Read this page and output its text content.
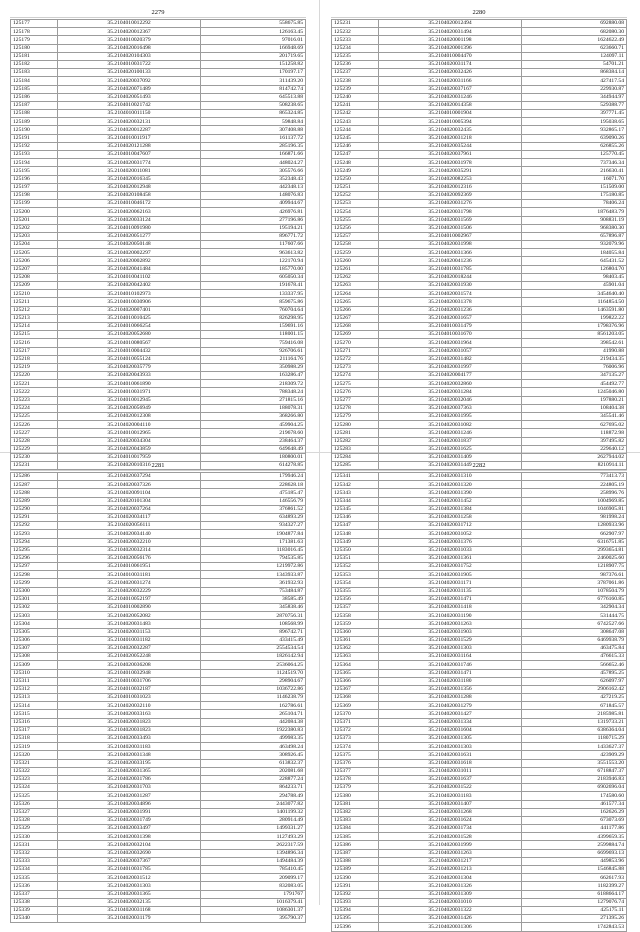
2279
125177	35.2104010012292	558675.85
125178	35.2104020012367	126163.45
125179	35.2104010020379	97016.01
125180	35.2104020016498	166948.69
125181	35.2104020104303	201719.65
125182	35.2104010031722	151258.82
125183	35.2104020100133	170197.17
125184	35.2104020037092	311439.20
125185	35.2104020071489	814742.74
125186	35.2104020051493	645513.88
125187	35.2104010021742	508238.65
125188	35.2104010011150	865324.85
125189	35.2104020032131	59848.84
125190	35.2104020012287	307408.88
125191	35.2104010011917	161137.72
125192	35.2104020121288	285196.35
125193	35.2104010047607	166871.66
125194	35.2104020031774	448024.27
125195	35.2104020011081	305576.66
125196	35.2104020016345	352348.43
125197	35.2104020012948	442348.13
125198	35.2104020108458	148076.83
125199	35.2104010046172	409944.67
125200	35.2104020062163	426976.81
125201	35.2104020033124	277196.86
125202	35.2104010091980	195194.21
125203	35.2104020051277	896771.72
125204	35.2104020050148	117607.66
125205	35.2104020002297	963613.82
125206	35.2104020002892	122170.94
125207	35.2104020041484	185770.00
125208	35.2104010041102	605050.34
125209	35.2104020042402	191678.41
125210	35.2104010102973	133337.95
125211	35.2104010030906	859675.86
125212	35.2104020007401	760704.64
125213	35.2104010010425	826298.95
125214	35.2104010066254	159691.16
125215	35.2104020052680	118001.15
125216	35.2104010080567	759416.08
125217	35.2104010004432	926706.61
125218	35.2104010055124	211164.76
125219	35.2104020035779	350988.29
125220	35.2104020043933	163286.47
125221	35.2104010061890	218309.72
125222	35.2104010031971	788348.24
125223	35.2104010012945	271815.16
125224	35.2104020056949	188078.31
125225	35.2104020012308	368266.80
125226	35.2104020004110	459904.25
125227	35.2104010012965	219678.60
125228	35.2104020034304	238464.37
125229	35.2104020043859	649648.49
125230	35.2104010017959	180800.01
125231	35.2104020010316	614278.85
2280
125231	35.2104020012494	692880.08
125232	35.2104020031494	682080.30
125233	35.2104020001198	1624622.49
125234	35.2104020001396	623660.71
125235	35.2104010004470	124097.11
125236	35.2104020031174	54701.21
125237	35.2104020032426	868384.14
125238	35.2104020031166	427417.54
125239	35.2104020037167	229930.87
125240	35.2104020031246	344944.97
125241	35.2104020014358	529388.77
125242	35.2104010001904	397771.45
125243	35.2104010005394	195038.65
125244	35.2104020032435	932865.17
125245	35.2104020031218	639090.26
125246	35.2104020035244	626855.26
125247	35.2104020037961	125770.45
125248	35.2104020031978	737346.34
125249	35.2104020035291	216630.41
125250	35.2104020082253	16071.70
125251	35.2104020012316	151509.00
125252	35.2104020092369	175180.85
125253	35.2104020031276	78406.24
125254	35.2104020031798	1876483.79
125255	35.2104020031569	908831.19
125256	35.2104020031506	968380.30
125257	35.2104010002967	657896.87
125258	35.2104020031998	932079.96
125259	35.2104020031366	184055.84
125260	35.2104020041236	645431.52
125261	35.2104010031785	126804.70
125262	35.2104020018244	98403.45
125263	35.2104020031930	45901.04
125264	35.2104020031574	3454640.40
125265	35.2104020031378	1164854.50
125266	35.2104020031236	1463591.80
125267	35.2104020031657	199822.22
125268	35.2104010031479	1798376.96
125269	35.2104010031670	8561203.05
125270	35.2104020031964	398542.61
125271	35.2104020031057	41990.88
125272	35.2104020031482	219434.35
125273	35.2104020031997	76006.96
125274	35.2104020004177	347135.27
125275	35.2104020032860	454492.77
125276	35.2104020031284	1245046.80
125277	35.2104020032046	197880.21
125278	35.2104020037363	108404.38
125279	35.2104020031995	345541.46
125280	35.2104020031082	627695.02
125281	35.2104020031246	118872.98
125282	35.2104020031837	397495.82
125283	35.2104020031625	229640.12
125284	35.2104020031409	2627944.02
125285	35.2104020031449	8210914.11
2281
125286	35.2104020037294	179946.24
125287	35.2104020037326	228628.18
125288	35.2104020091104	475185.47
125289	35.2104020101304	146556.79
125290	35.2104020037264	376861.52
125291	35.2104020034117	634893.29
125292	35.2104020056111	934327.27
125293	35.2104020034140	1904877.84
125294	35.2104020032210	171381.63
125295	35.2104020032314	1183016.45
125296	35.2104020056176	794535.85
125297	35.2104010061951	1219972.86
125298	35.2104010031181	1343933.87
125299	35.2104020031274	361932.93
125300	35.2104020032229	753484.87
125301	35.2104010052197	38585.49
125302	35.2104010002890	345838.46
125303	35.2104020052082	2870756.31
125304	35.2104020031483	108568.99
125305	35.2104020031153	896742.71
125306	35.2104010031182	433415.49
125307	35.2104020032287	2554534.54
125308	35.2104020052248	1826142.94
125309	35.2104020036208	2536064.25
125310	35.2104010032948	1124519.70
125311	35.2104010031706	298904.67
125312	35.2104010032187	1036722.86
125313	35.2104010031023	1146238.79
125314	35.2104020032110	162786.61
125315	35.2104020033163	265104.71
125316	35.2104020031823	442084.38
125317	35.2104020031823	1922380.83
125318	35.2104020033493	499983.35
125319	35.2104020031183	463498.24
125320	35.2104020031348	308926.45
125321	35.2104020033195	613832.37
125322	35.2104020031365	202081.68
125323	35.2104020031786	228877.24
125324	35.2104020031703	864233.71
125325	35.2104020031287	294788.49
125326	35.2104020034896	2443077.82
125327	35.2104020031991	1401199.32
125328	35.2104020031749	280914.49
125329	35.2104020033497	1499331.27
125330	35.2104020031398	1127493.29
125331	35.2104020032104	2622317.59
125332	35.2104020032690	1394896.34
125333	35.2104020037367	1494484.39
125334	35.2104010031785	785410.45
125335	35.2104020031512	209099.17
125336	35.2104020031303	832083.05
125337	35.2104020031365	1791767
125338	35.2104020032135	1016379.41
125339	35.2104020031168	1086301.37
125340	35.2104020031179	395790.37
2282
125341	35.2104020031310	773413.73
125342	35.2104020031320	224805.19
125343	35.2104020031390	258996.76
125344	35.2104020031452	1004969.85
125345	35.2104020031384	1046905.81
125346	35.2104020031258	981998.24
125347	35.2104020031712	1280933.96
125348	35.2104020031052	662907.97
125349	35.2104020031376	6316751.85
125350	35.2104020031033	2993654.81
125351	35.2104020031361	2460025.60
125352	35.2104020031752	1218907.75
125353	35.2104020031905	987376.61
125354	35.2104020031171	3787061.86
125355	35.2104020031135	1078504.79
125356	35.2104020031471	6776160.85
125357	35.2104020031418	342904.34
125358	35.2104020031190	531444.75
125359	35.2104020031263	6742527.66
125360	35.2104020031903	308647.08
125361	35.2104020031529	6469938.79
125362	35.2104020031303	463475.84
125363	35.2104020031164	476615.33
125364	35.2104020031746	566652.46
125365	35.2104020031471	457895.25
125366	35.2104020031180	626097.97
125367	35.2104020031356	2906162.42
125368	35.2104020031288	427219.25
125369	35.2104020031279	671845.57
125370	35.2104020031427	2185985.81
125371	35.2104020031334	1319733.21
125372	35.2104020031604	6386364.04
125373	35.2104020031305	1180715.29
125374	35.2104020031303	1433627.37
125375	35.2104020031631	423909.29
125376	35.2104020031618	3551553.20
125377	35.2104020031011	6718847.37
125378	35.2104020031637	2183946.83
125379	35.2104020031522	6902696.04
125380	35.2104020031183	174580.60
125381	35.2104020031407	461577.34
125382	35.2104020031268	162626.29
125383	35.2104020031624	673073.69
125384	35.2104020031734	441177.86
125385	35.2104020031528	4399659.35
125386	35.2104020031999	2599884.74
125387	35.2104020031263	6699693.13
125388	35.2104020031217	449853.96
125389	35.2104020031213	1546845.88
125390	35.2104020031304	662617.93
125391	35.2104020031326	1182399.27
125392	35.2104020031309	6188664.17
125393	35.2104020031010	1279076.74
125394	35.2104020031322	425175.11
125395	35.2104020031426	271395.26
125396	35.2104020031306	1742843.53
